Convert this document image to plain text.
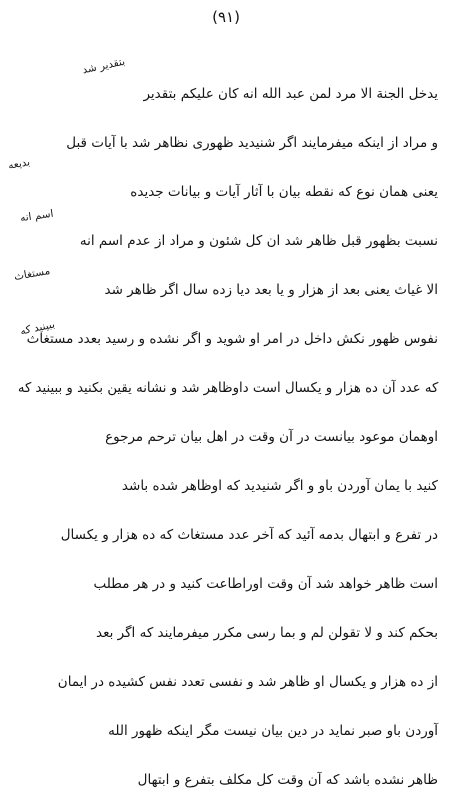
(۹۱)
یدخل الجنة الا مرد لمن عبد الله انه کان علیکم بتقدیر
و مراد از اینکه میفرمایند اگر شنیدید ظهوری نظاهر شد با آیات قبل
یعنی همان نوع که نقطه بیان با آثار آیات و بیانات جدیده
نسبت بظهور قبل ظاهر شد ان کل شئون و مراد از عدم اسم انه
الا غیاث یعنی بعد از هزار و یا بعد دیا زده سال اگر ظاهر شد
نفوس ظهور نکش داخل در امر او شوید و اگر نشده و رسید بعدد مستغاث
که عدد آن ده هزار و یکسال است داوظاهر شد و نشانه یقین بکنید و ببینید که
اوهمان موعود بیانست در آن وقت در اهل بیان ترحم مرجوع
کنید با یمان آوردن باو و اگر شنیدید که اوظاهر شده باشد
در تفرع و ابتهال بدمه آئید که آخر عدد مستغاث که ده هزار و یکسال
است ظاهر خواهد شد آن وقت اوراطاعت کنید و در هر مطلب
بحکم کند و لا تقولن لم و بما رسی مکرر میفرمایند که اگر بعد
از ده هزار و یکسال او ظاهر شد و نفسی تعدد نفس کشیده در ایمان
آوردن باو صبر نماید در دین بیان نیست مگر اینکه ظهور الله
ظاهر نشده باشد که آن وقت کل مکلف بتفرع و ابتهال
بتقدیر شد
بدیعه
اسم انه
مستغاث
ببینید که
